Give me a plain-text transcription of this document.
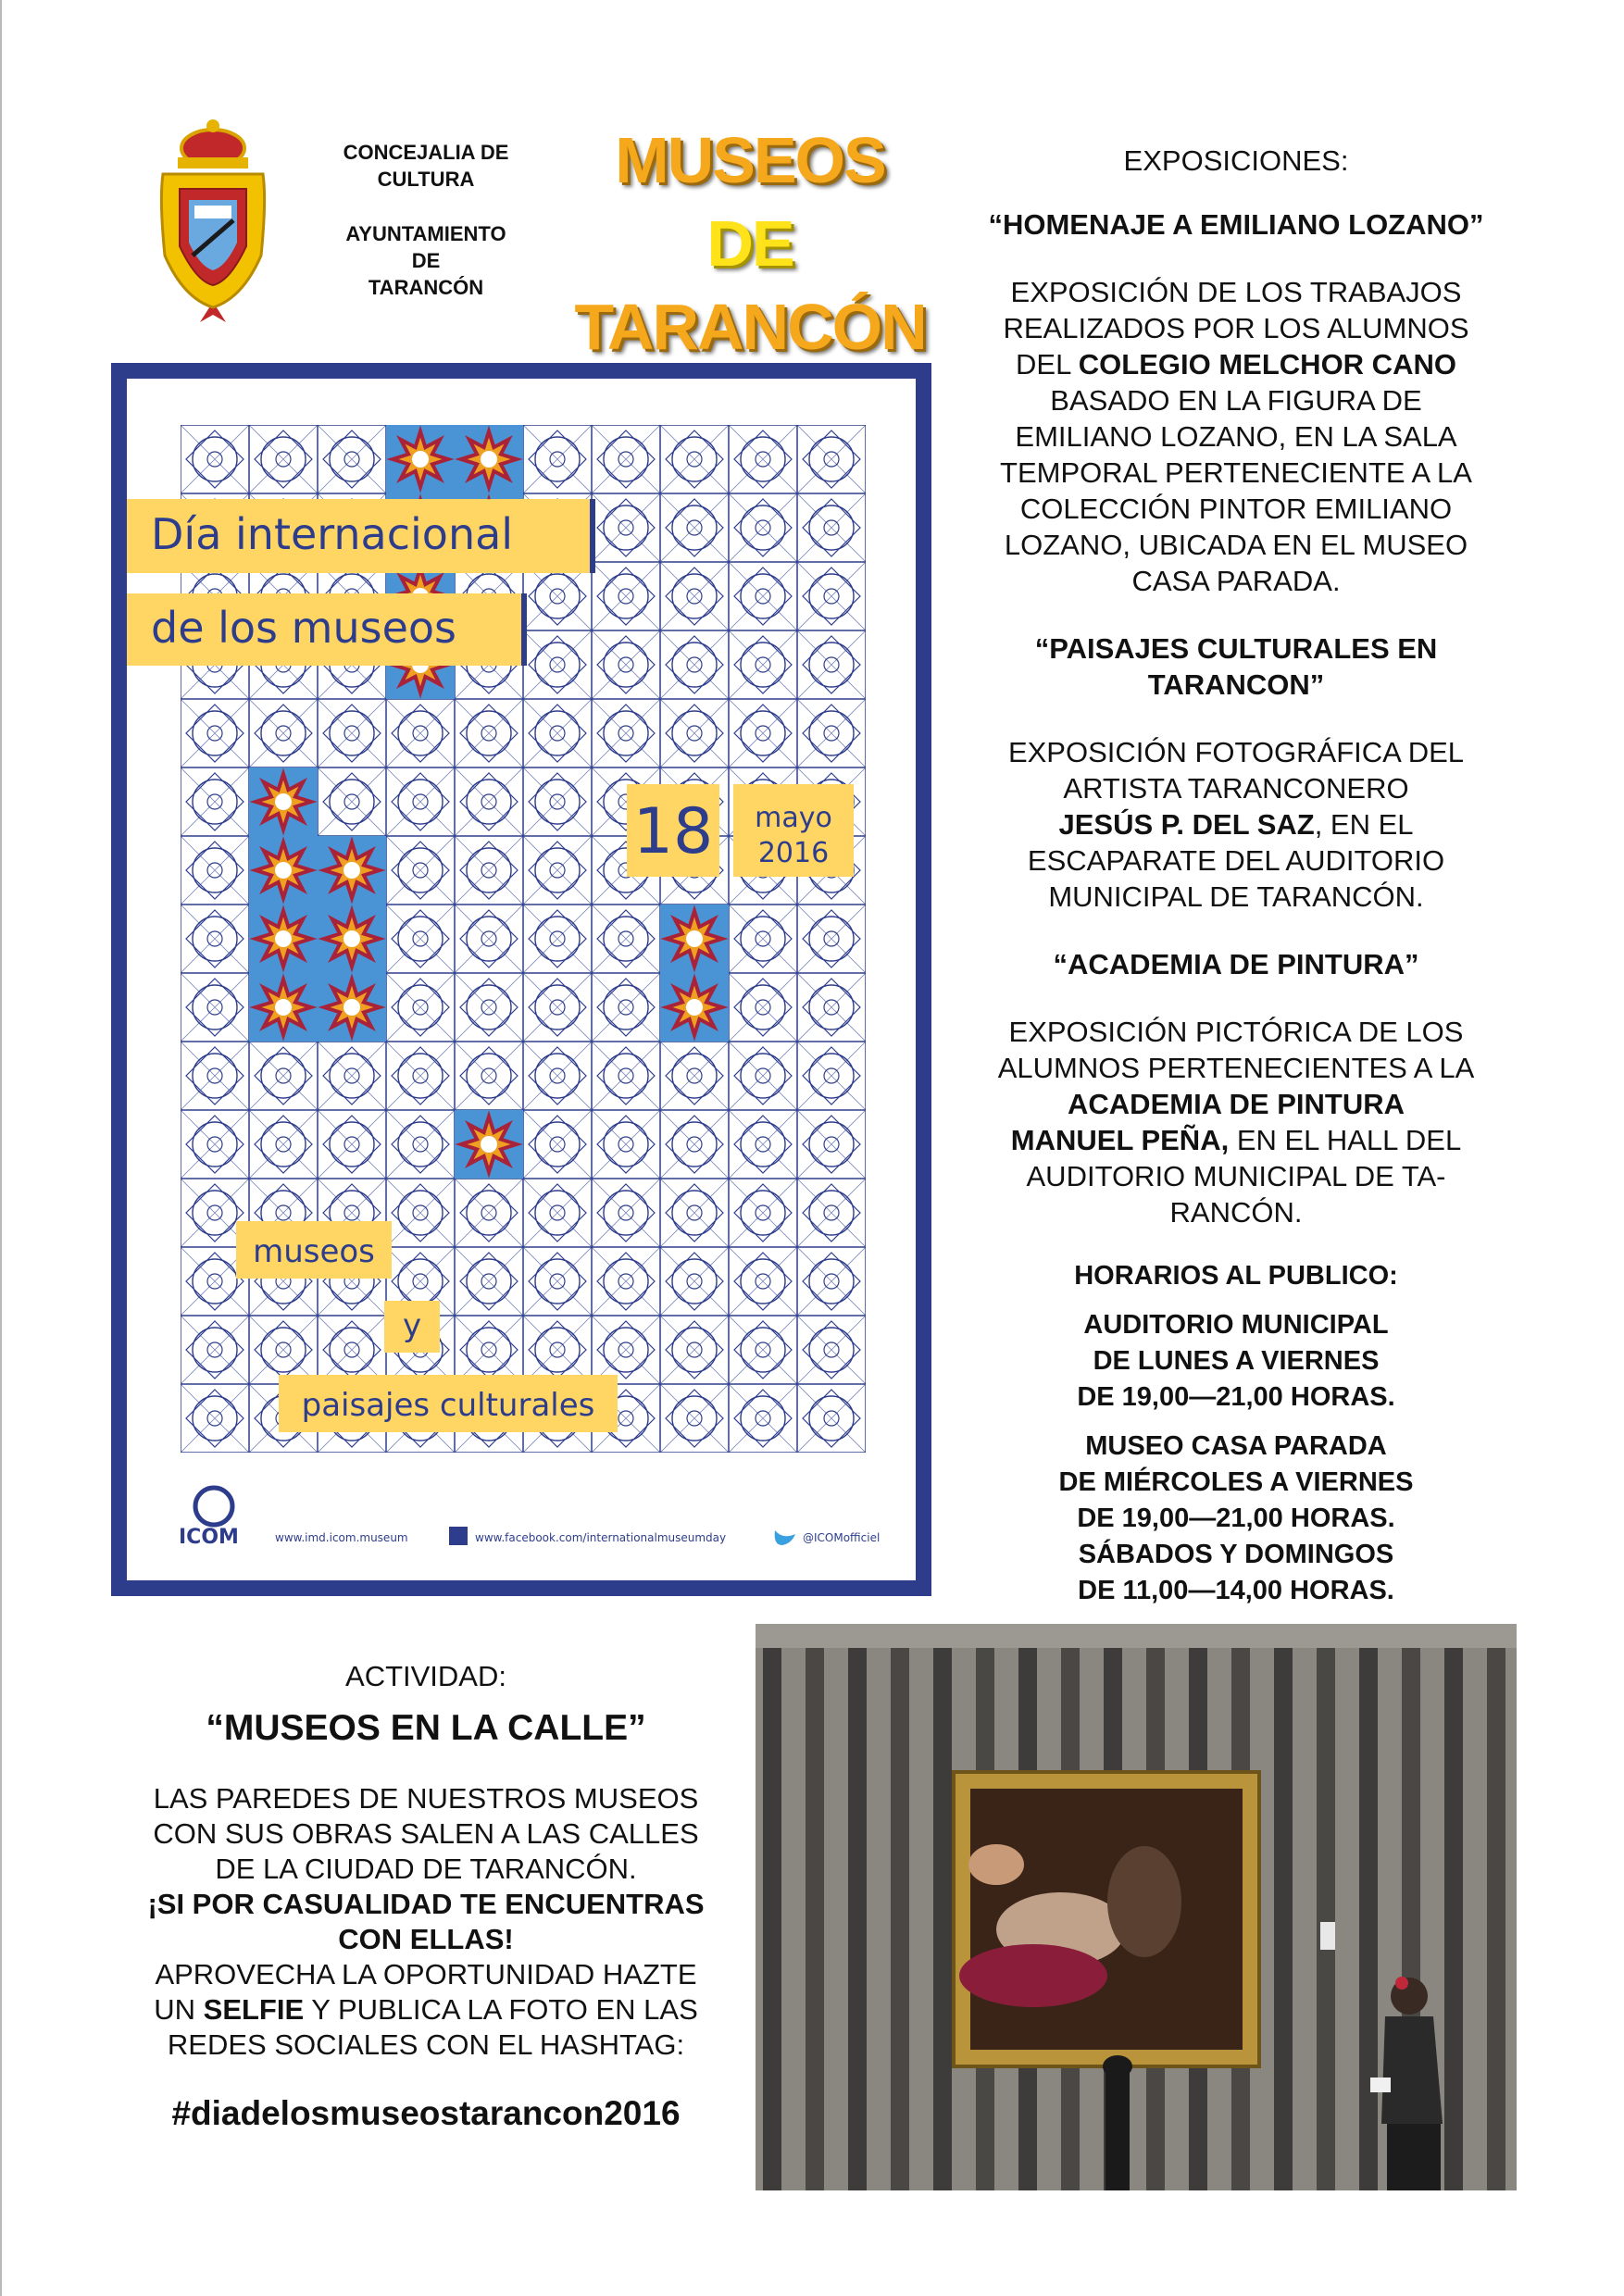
CONCEJALIA DE

CULTURA

AYUNTAMIENTO

DE

TARANCÓN

MUSEOS
DE
TARANCÓN

EXPOSICIONES:

“HOMENAJE A EMILIANO LOZANO”

EXPOSICIÓN DE LOS TRABAJOS

REALIZADOS POR LOS ALUMNOS

DEL COLEGIO MELCHOR CANO

BASADO EN LA FIGURA DE

EMILIANO LOZANO, EN LA SALA

TEMPORAL PERTENECIENTE A LA

COLECCIÓN PINTOR EMILIANO

LOZANO, UBICADA EN EL MUSEO

CASA PARADA.

“PAISAJES CULTURALES EN

TARANCON”

EXPOSICIÓN FOTOGRÁFICA DEL

ARTISTA TARANCONERO

JESÚS P. DEL SAZ, EN EL

ESCAPARATE DEL AUDITORIO

MUNICIPAL DE TARANCÓN.

“ACADEMIA DE PINTURA”

EXPOSICIÓN PICTÓRICA DE LOS

ALUMNOS PERTENECIENTES A LA

ACADEMIA DE PINTURA

MANUEL PEÑA, EN EL HALL DEL

AUDITORIO MUNICIPAL DE TA-

RANCÓN.

HORARIOS AL PUBLICO:

AUDITORIO MUNICIPAL

DE LUNES A VIERNES

DE 19,00—21,00 HORAS.

MUSEO CASA PARADA

DE MIÉRCOLES A VIERNES

DE 19,00—21,00 HORAS.

SÁBADOS Y DOMINGOS

DE 11,00—14,00 HORAS.

Día internacional
de los museos
18 mayo
2016
museos
y
paisajes culturales
ICOM	www.imd.icom.museum	www.facebook.com/internationalmuseumday	@ICOMofficiel

ACTIVIDAD:

“MUSEOS EN LA CALLE”

LAS PAREDES DE NUESTROS MUSEOS

CON SUS OBRAS SALEN A LAS CALLES

DE LA CIUDAD DE TARANCÓN.

¡SI POR CASUALIDAD TE ENCUENTRAS

CON ELLAS!

APROVECHA LA OPORTUNIDAD HAZTE

UN SELFIE Y PUBLICA LA FOTO EN LAS

REDES SOCIALES CON EL HASHTAG:

#diadelosmuseostarancon2016
